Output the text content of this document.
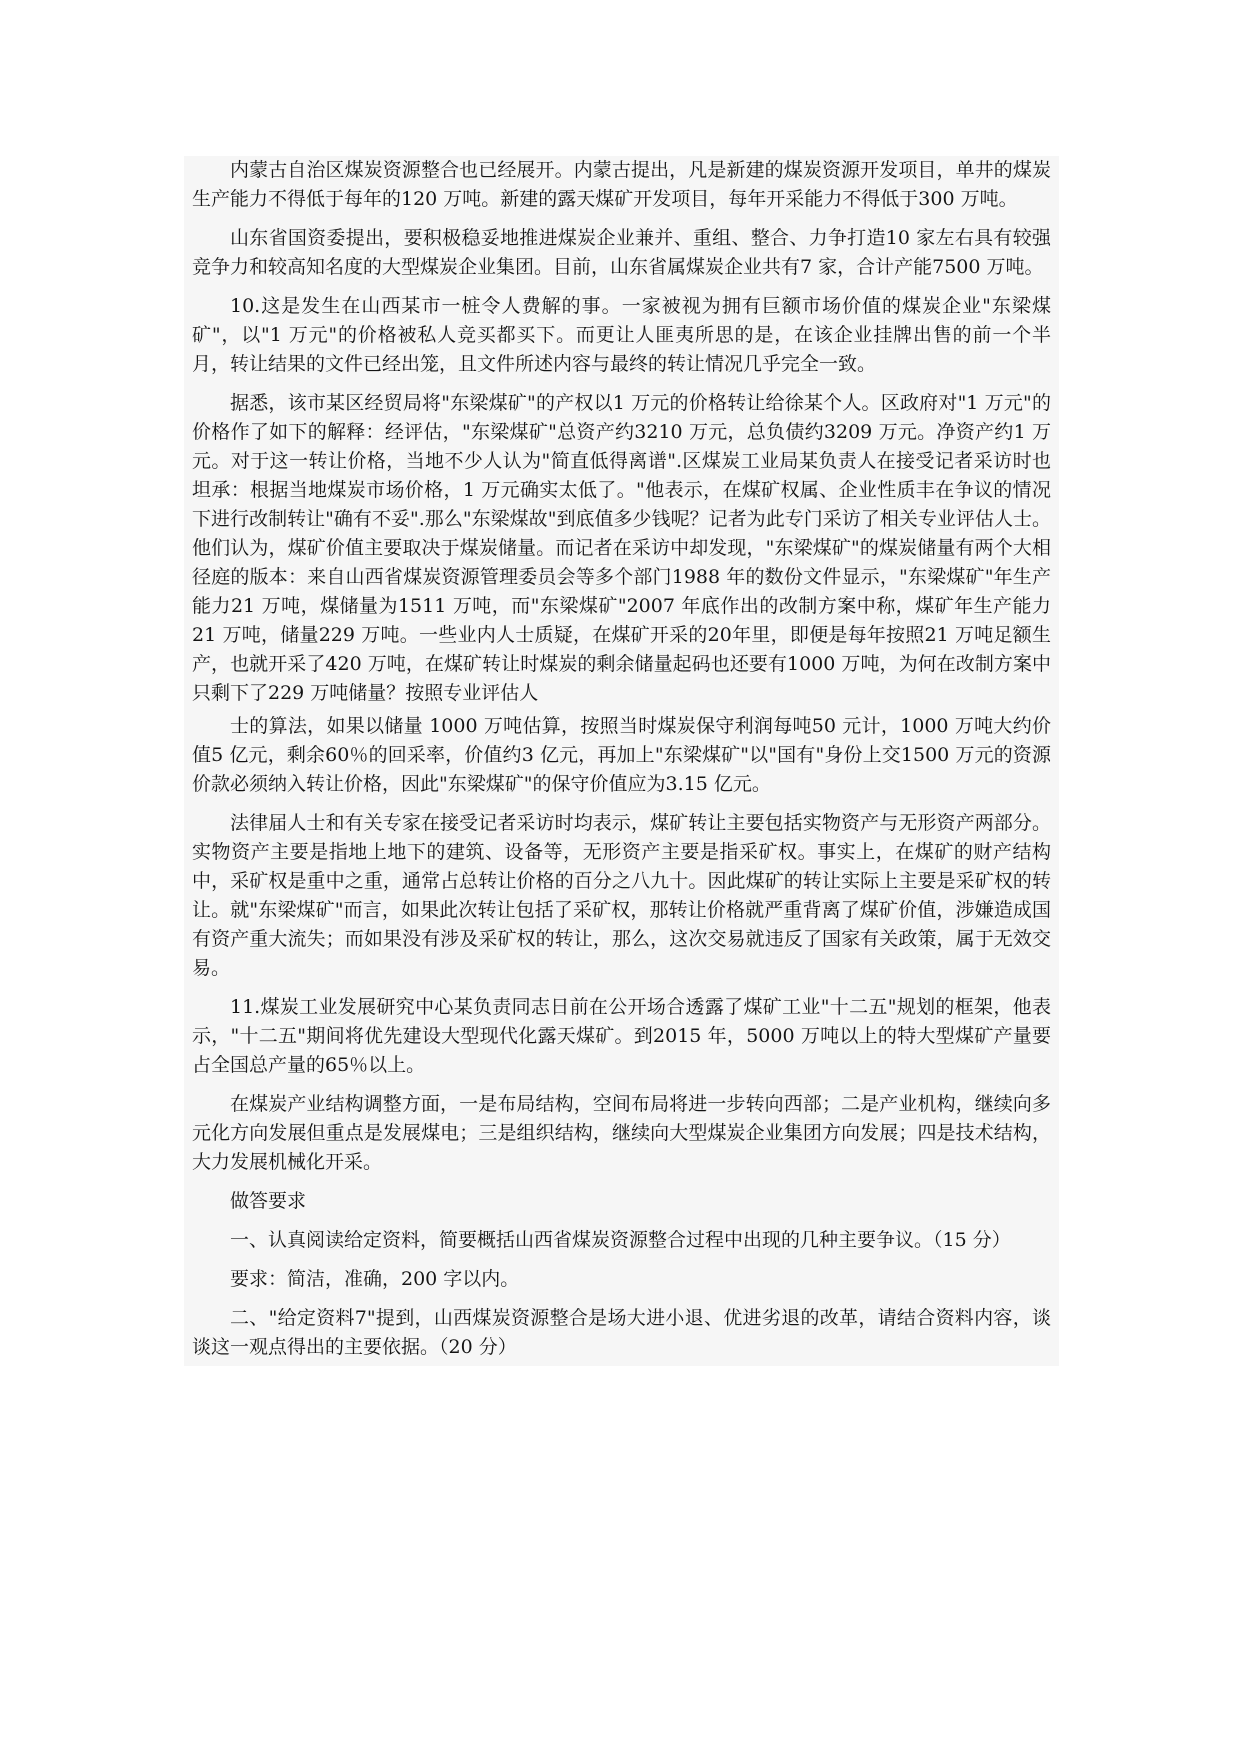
内蒙古自治区煤炭资源整合也已经展开。内蒙古提出，凡是新建的煤炭资源开发项目，单井的煤炭生产能力不得低于每年的120 万吨。新建的露天煤矿开发项目，每年开采能力不得低于300 万吨。

山东省国资委提出，要积极稳妥地推进煤炭企业兼并、重组、整合、力争打造10 家左右具有较强竞争力和较高知名度的大型煤炭企业集团。目前，山东省属煤炭企业共有7 家，合计产能7500 万吨。

10.这是发生在山西某市一桩令人费解的事。一家被视为拥有巨额市场价值的煤炭企业"东梁煤矿"，以"1 万元"的价格被私人竞买都买下。而更让人匪夷所思的是，在该企业挂牌出售的前一个半月，转让结果的文件已经出笼，且文件所述内容与最终的转让情况几乎完全一致。

据悉，该市某区经贸局将"东梁煤矿"的产权以1 万元的价格转让给徐某个人。区政府对"1 万元"的价格作了如下的解释：经评估，"东梁煤矿"总资产约3210 万元，总负债约3209 万元。净资产约1 万元。对于这一转让价格，当地不少人认为"简直低得离谱".区煤炭工业局某负责人在接受记者采访时也坦承：根据当地煤炭市场价格，1 万元确实太低了。"他表示，在煤矿权属、企业性质丰在争议的情况下进行改制转让"确有不妥".那么"东梁煤故"到底值多少钱呢？记者为此专门采访了相关专业评估人士。他们认为，煤矿价值主要取决于煤炭储量。而记者在采访中却发现，"东梁煤矿"的煤炭储量有两个大相径庭的版本：来自山西省煤炭资源管理委员会等多个部门1988 年的数份文件显示，"东梁煤矿"年生产能力21 万吨，煤储量为1511 万吨，而"东梁煤矿"2007 年底作出的改制方案中称，煤矿年生产能力21 万吨，储量229 万吨。一些业内人士质疑，在煤矿开采的20年里，即便是每年按照21 万吨足额生产，也就开采了420 万吨，在煤矿转让时煤炭的剩余储量起码也还要有1000 万吨，为何在改制方案中只剩下了229 万吨储量？按照专业评估人

士的算法，如果以储量 1000 万吨估算，按照当时煤炭保守利润每吨50 元计，1000 万吨大约价值5 亿元，剩余60％的回采率，价值约3 亿元，再加上"东梁煤矿"以"国有"身份上交1500 万元的资源价款必须纳入转让价格，因此"东梁煤矿"的保守价值应为3.15 亿元。

法律届人士和有关专家在接受记者采访时均表示，煤矿转让主要包括实物资产与无形资产两部分。实物资产主要是指地上地下的建筑、设备等，无形资产主要是指采矿权。事实上，在煤矿的财产结构中，采矿权是重中之重，通常占总转让价格的百分之八九十。因此煤矿的转让实际上主要是采矿权的转让。就"东梁煤矿"而言，如果此次转让包括了采矿权，那转让价格就严重背离了煤矿价值，涉嫌造成国有资产重大流失；而如果没有涉及采矿权的转让，那么，这次交易就违反了国家有关政策，属于无效交易。

11.煤炭工业发展研究中心某负责同志日前在公开场合透露了煤矿工业"十二五"规划的框架，他表示，"十二五"期间将优先建设大型现代化露天煤矿。到2015 年，5000 万吨以上的特大型煤矿产量要占全国总产量的65％以上。

在煤炭产业结构调整方面，一是布局结构，空间布局将进一步转向西部；二是产业机构，继续向多元化方向发展但重点是发展煤电；三是组织结构，继续向大型煤炭企业集团方向发展；四是技术结构，大力发展机械化开采。

做答要求

一、认真阅读给定资料，简要概括山西省煤炭资源整合过程中出现的几种主要争议。（15 分）

要求：简洁，准确，200 字以内。

二、"给定资料7"提到，山西煤炭资源整合是场大进小退、优进劣退的改革，请结合资料内容，谈谈这一观点得出的主要依据。（20 分）
